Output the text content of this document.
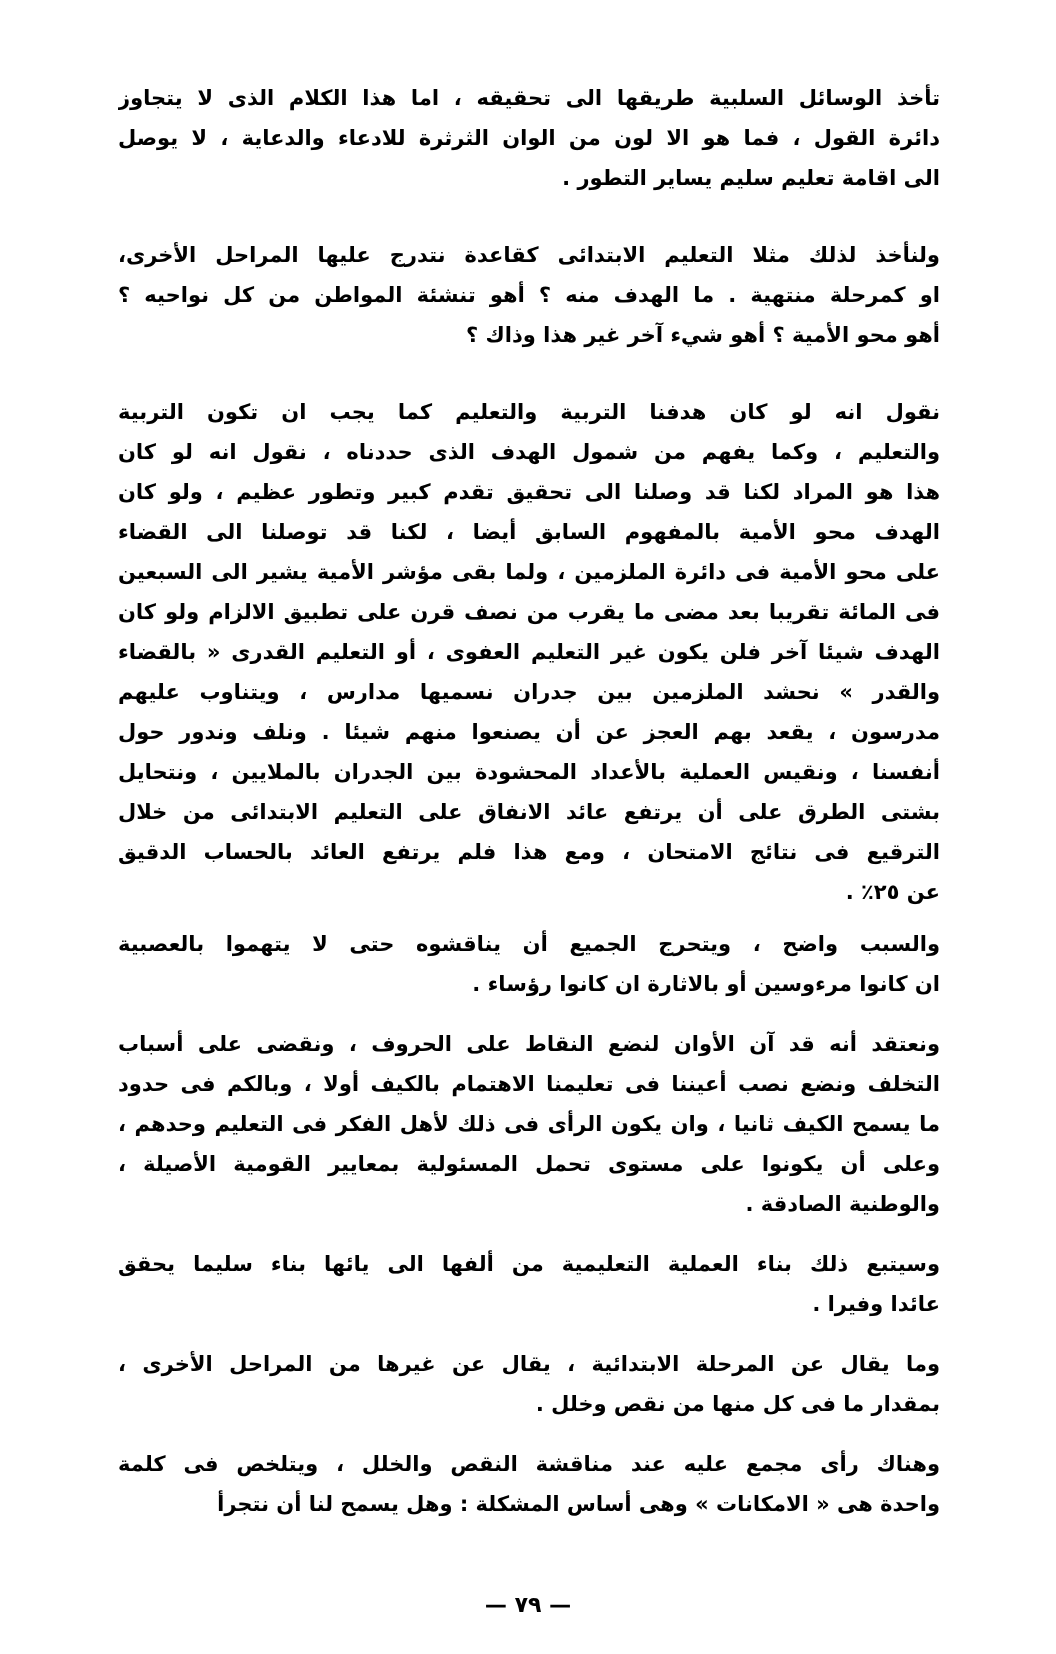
تأخذ الوسائل السلبية طريقها الى تحقيقه ، اما هذا الكلام الذى لا يتجاوز
دائرة القول ، فما هو الا لون من الوان الثرثرة للادعاء والدعاية ، لا يوصل
الى اقامة تعليم سليم يساير التطور .
ولنأخذ لذلك مثلا التعليم الابتدائى كقاعدة نتدرج عليها المراحل الأخرى،
او كمرحلة منتهية . ما الهدف منه ؟ أهو تنشئة المواطن من كل نواحيه ؟
أهو محو الأمية ؟ أهو شيء آخر غير هذا وذاك ؟
نقول انه لو كان هدفنا التربية والتعليم كما يجب ان تكون التربية
والتعليم ، وكما يفهم من شمول الهدف الذى حددناه ، نقول انه لو كان
هذا هو المراد لكنا قد وصلنا الى تحقيق تقدم كبير وتطور عظيم ، ولو كان
الهدف محو الأمية بالمفهوم السابق أيضا ، لكنا قد توصلنا الى القضاء
على محو الأمية فى دائرة الملزمين ، ولما بقى مؤشر الأمية يشير الى السبعين
فى المائة تقريبا بعد مضى ما يقرب من نصف قرن على تطبيق الالزام ولو كان
الهدف شيئا آخر فلن يكون غير التعليم العفوى ، أو التعليم القدرى « بالقضاء
والقدر » نحشد الملزمين بين جدران نسميها مدارس ، ويتناوب عليهم
مدرسون ، يقعد بهم العجز عن أن يصنعوا منهم شيئا . ونلف وندور حول
أنفسنا ، ونقيس العملية بالأعداد المحشودة بين الجدران بالملايين ، ونتحايل
بشتى الطرق على أن يرتفع عائد الانفاق على التعليم الابتدائى من خلال
الترقيع فى نتائج الامتحان ، ومع هذا فلم يرتفع العائد بالحساب الدقيق
عن ٢٥٪ .
والسبب واضح ، ويتحرج الجميع أن يناقشوه حتى لا يتهموا بالعصبية
ان كانوا مرءوسين أو بالاثارة ان كانوا رؤساء .
ونعتقد أنه قد آن الأوان لنضع النقاط على الحروف ، ونقضى على أسباب
التخلف ونضع نصب أعيننا فى تعليمنا الاهتمام بالكيف أولا ، وبالكم فى حدود
ما يسمح الكيف ثانيا ، وان يكون الرأى فى ذلك لأهل الفكر فى التعليم وحدهم ،
وعلى أن يكونوا على مستوى تحمل المسئولية بمعايير القومية الأصيلة ،
والوطنية الصادقة .
وسيتبع ذلك بناء العملية التعليمية من ألفها الى يائها بناء سليما يحقق
عائدا وفيرا .
وما يقال عن المرحلة الابتدائية ، يقال عن غيرها من المراحل الأخرى ،
بمقدار ما فى كل منها من نقص وخلل .
وهناك رأى مجمع عليه عند مناقشة النقص والخلل ، ويتلخص فى كلمة
واحدة هى « الامكانات » وهى أساس المشكلة : وهل يسمح لنا أن نتجرأ
— ٧٩ —
